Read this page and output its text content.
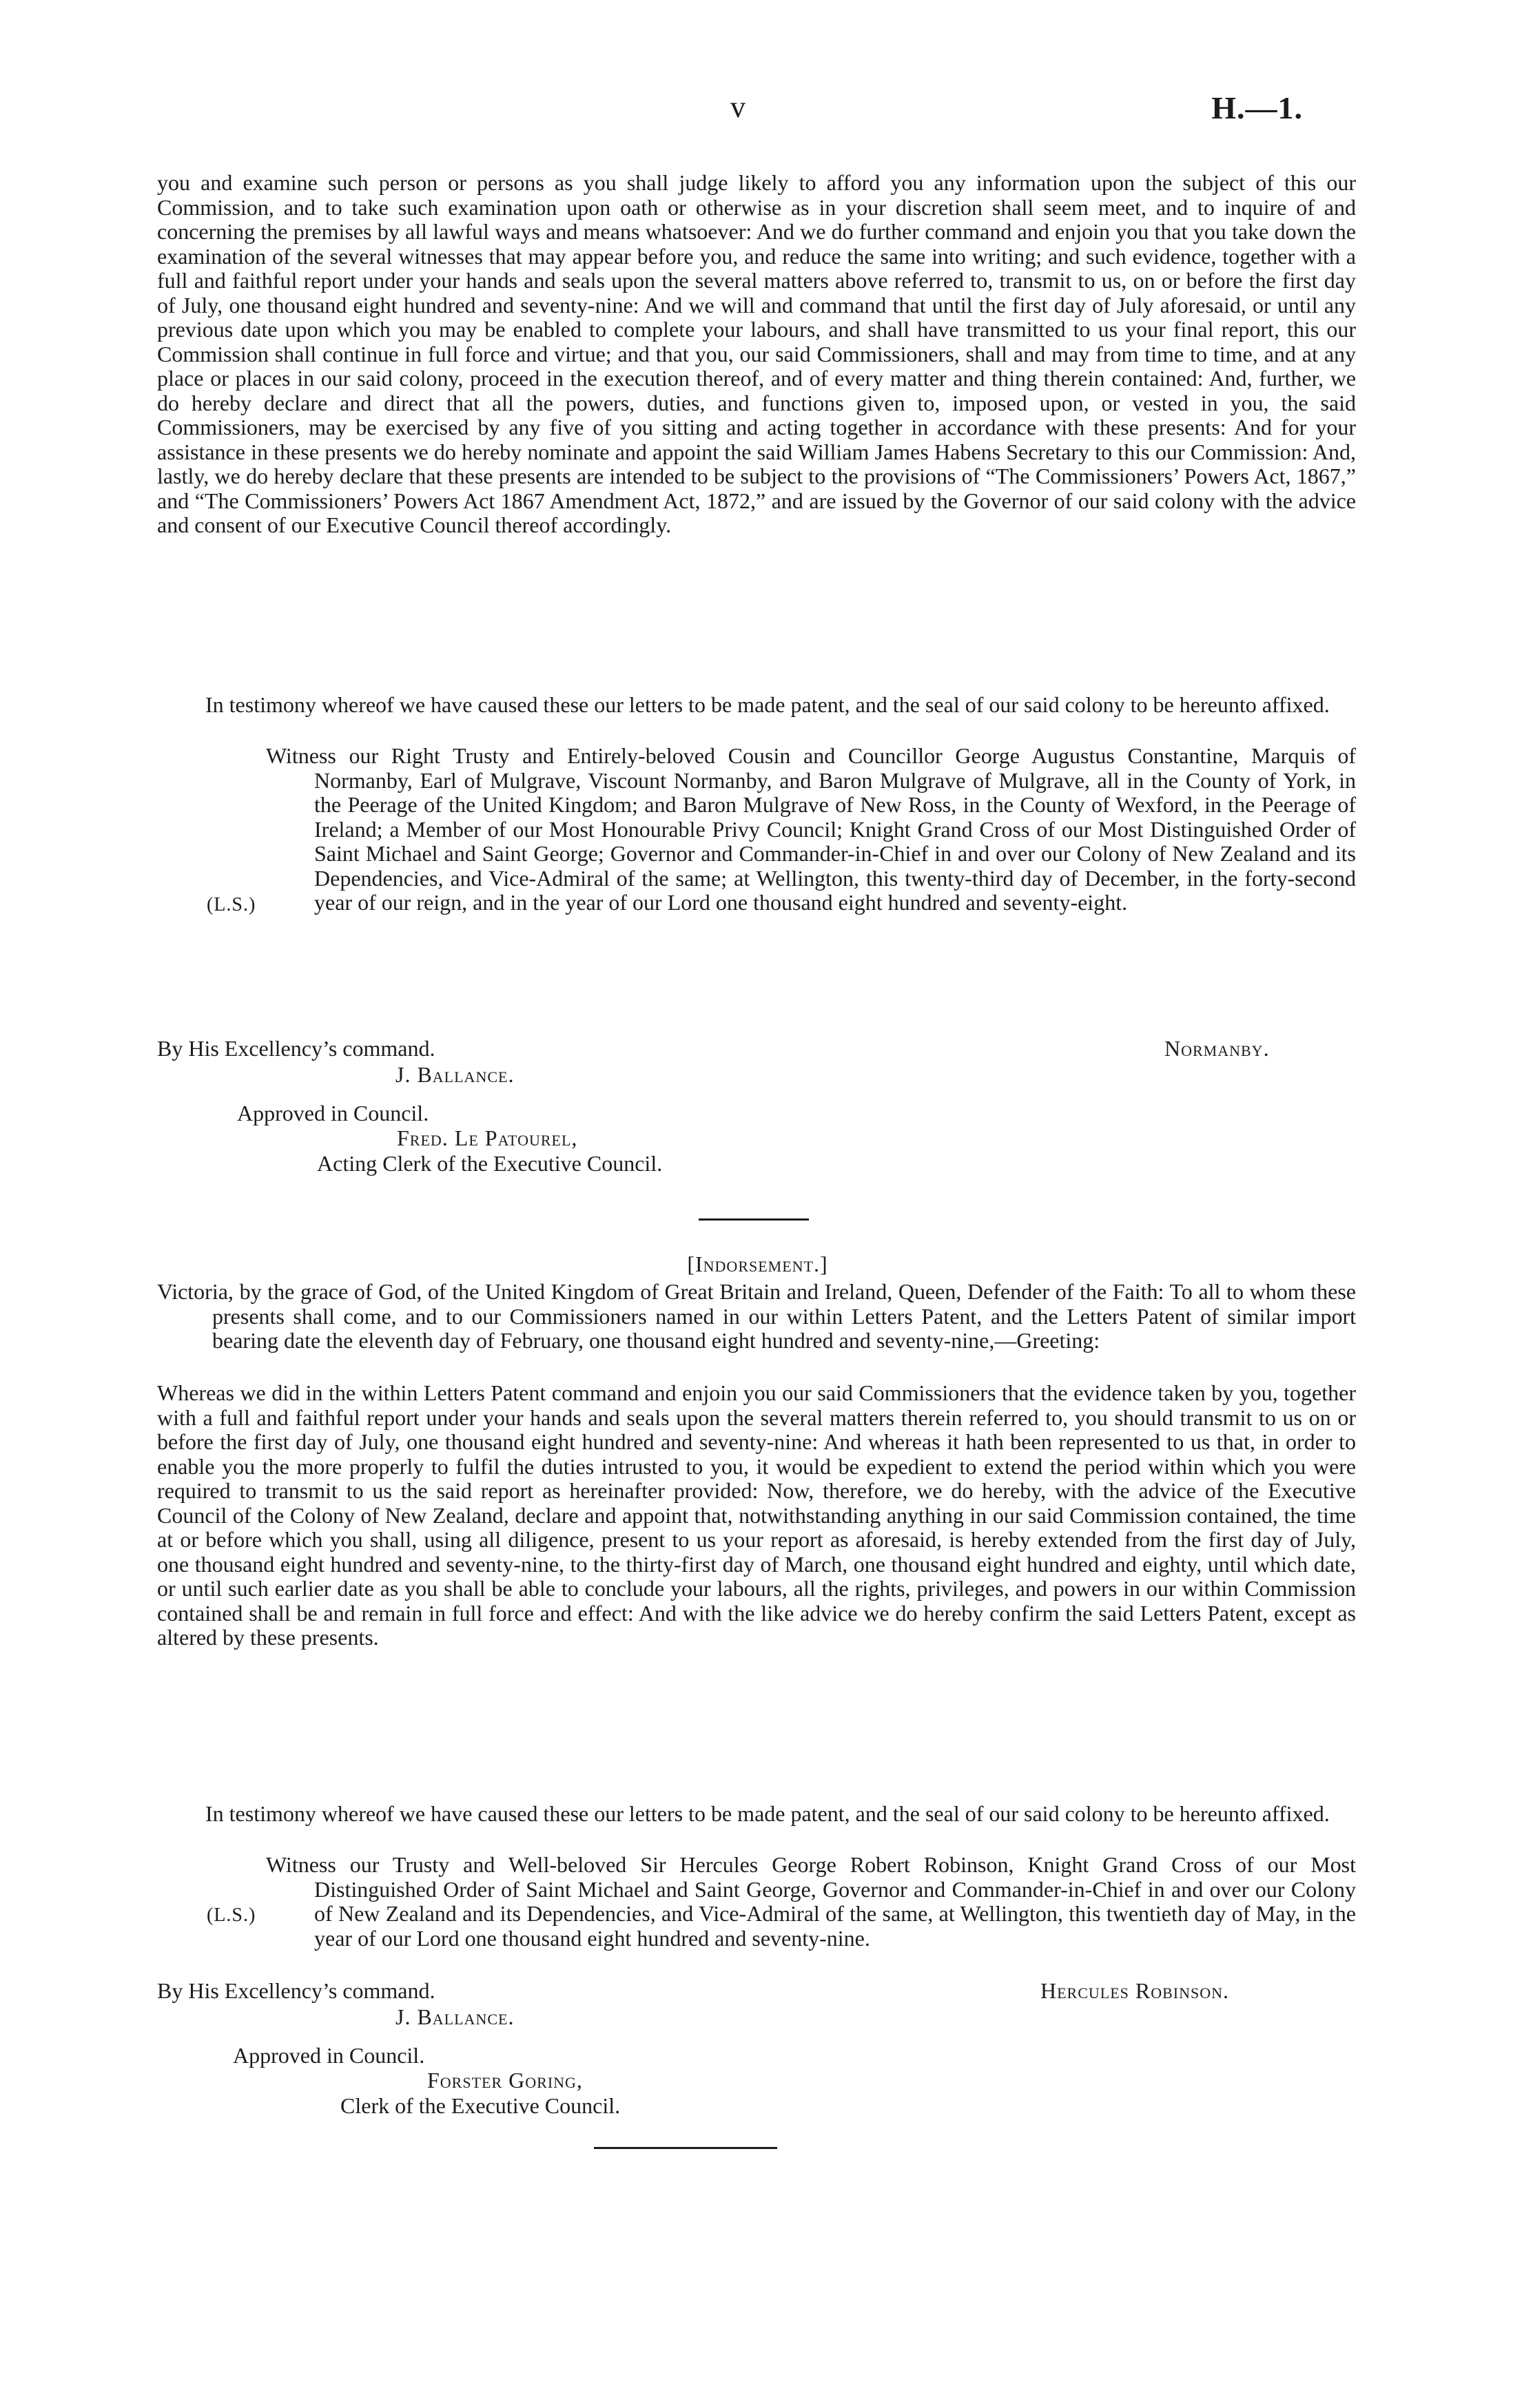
v	H.—1.
you and examine such person or persons as you shall judge likely to afford you any information upon the subject of this our Commission, and to take such examination upon oath or otherwise as in your discretion shall seem meet, and to inquire of and concerning the premises by all lawful ways and means whatsoever: And we do further command and enjoin you that you take down the examination of the several witnesses that may appear before you, and reduce the same into writing; and such evidence, together with a full and faithful report under your hands and seals upon the several matters above referred to, transmit to us, on or before the first day of July, one thousand eight hundred and seventy-nine: And we will and command that until the first day of July aforesaid, or until any previous date upon which you may be enabled to complete your labours, and shall have transmitted to us your final report, this our Commission shall continue in full force and virtue; and that you, our said Commissioners, shall and may from time to time, and at any place or places in our said colony, proceed in the execution thereof, and of every matter and thing therein contained: And, further, we do hereby declare and direct that all the powers, duties, and functions given to, imposed upon, or vested in you, the said Commissioners, may be exercised by any five of you sitting and acting together in accordance with these presents: And for your assistance in these presents we do hereby nominate and appoint the said William James Habens Secretary to this our Commission: And, lastly, we do hereby declare that these presents are intended to be subject to the provisions of “The Commissioners’ Powers Act, 1867,” and “The Commissioners’ Powers Act 1867 Amendment Act, 1872,” and are issued by the Governor of our said colony with the advice and consent of our Executive Council thereof accordingly.
In testimony whereof we have caused these our letters to be made patent, and the seal of our said colony to be hereunto affixed.
Witness our Right Trusty and Entirely-beloved Cousin and Councillor George Augustus Constantine, Marquis of Normanby, Earl of Mulgrave, Viscount Normanby, and Baron Mulgrave of Mulgrave, all in the County of York, in the Peerage of the United Kingdom; and Baron Mulgrave of New Ross, in the County of Wexford, in the Peerage of Ireland; a Member of our Most Honourable Privy Council; Knight Grand Cross of our Most Distinguished Order of Saint Michael and Saint George; Governor and Commander-in-Chief in and over our Colony of New Zealand and its Dependencies, and Vice-Admiral of the same; at Wellington, this twenty-third day of December, in the forty-second year of our reign, and in the year of our Lord one thousand eight hundred and seventy-eight.
(L.S.)
By His Excellency’s command.	Normanby.
J. Ballance.
Approved in Council.
Fred. Le Patourel,
Acting Clerk of the Executive Council.
[Indorsement.]
Victoria, by the grace of God, of the United Kingdom of Great Britain and Ireland, Queen, Defender of the Faith: To all to whom these presents shall come, and to our Commissioners named in our within Letters Patent, and the Letters Patent of similar import bearing date the eleventh day of February, one thousand eight hundred and seventy-nine,—Greeting:
Whereas we did in the within Letters Patent command and enjoin you our said Commissioners that the evidence taken by you, together with a full and faithful report under your hands and seals upon the several matters therein referred to, you should transmit to us on or before the first day of July, one thousand eight hundred and seventy-nine: And whereas it hath been represented to us that, in order to enable you the more properly to fulfil the duties intrusted to you, it would be expedient to extend the period within which you were required to transmit to us the said report as hereinafter provided: Now, therefore, we do hereby, with the advice of the Executive Council of the Colony of New Zealand, declare and appoint that, notwithstanding anything in our said Commission contained, the time at or before which you shall, using all diligence, present to us your report as aforesaid, is hereby extended from the first day of July, one thousand eight hundred and seventy-nine, to the thirty-first day of March, one thousand eight hundred and eighty, until which date, or until such earlier date as you shall be able to conclude your labours, all the rights, privileges, and powers in our within Commission contained shall be and remain in full force and effect: And with the like advice we do hereby confirm the said Letters Patent, except as altered by these presents.
In testimony whereof we have caused these our letters to be made patent, and the seal of our said colony to be hereunto affixed.
Witness our Trusty and Well-beloved Sir Hercules George Robert Robinson, Knight Grand Cross of our Most Distinguished Order of Saint Michael and Saint George, Governor and Commander-in-Chief in and over our Colony of New Zealand and its Dependencies, and Vice-Admiral of the same, at Wellington, this twentieth day of May, in the year of our Lord one thousand eight hundred and seventy-nine.
(L.S.)
By His Excellency’s command.	Hercules Robinson.
J. Ballance.
Approved in Council.
Forster Goring,
Clerk of the Executive Council.
